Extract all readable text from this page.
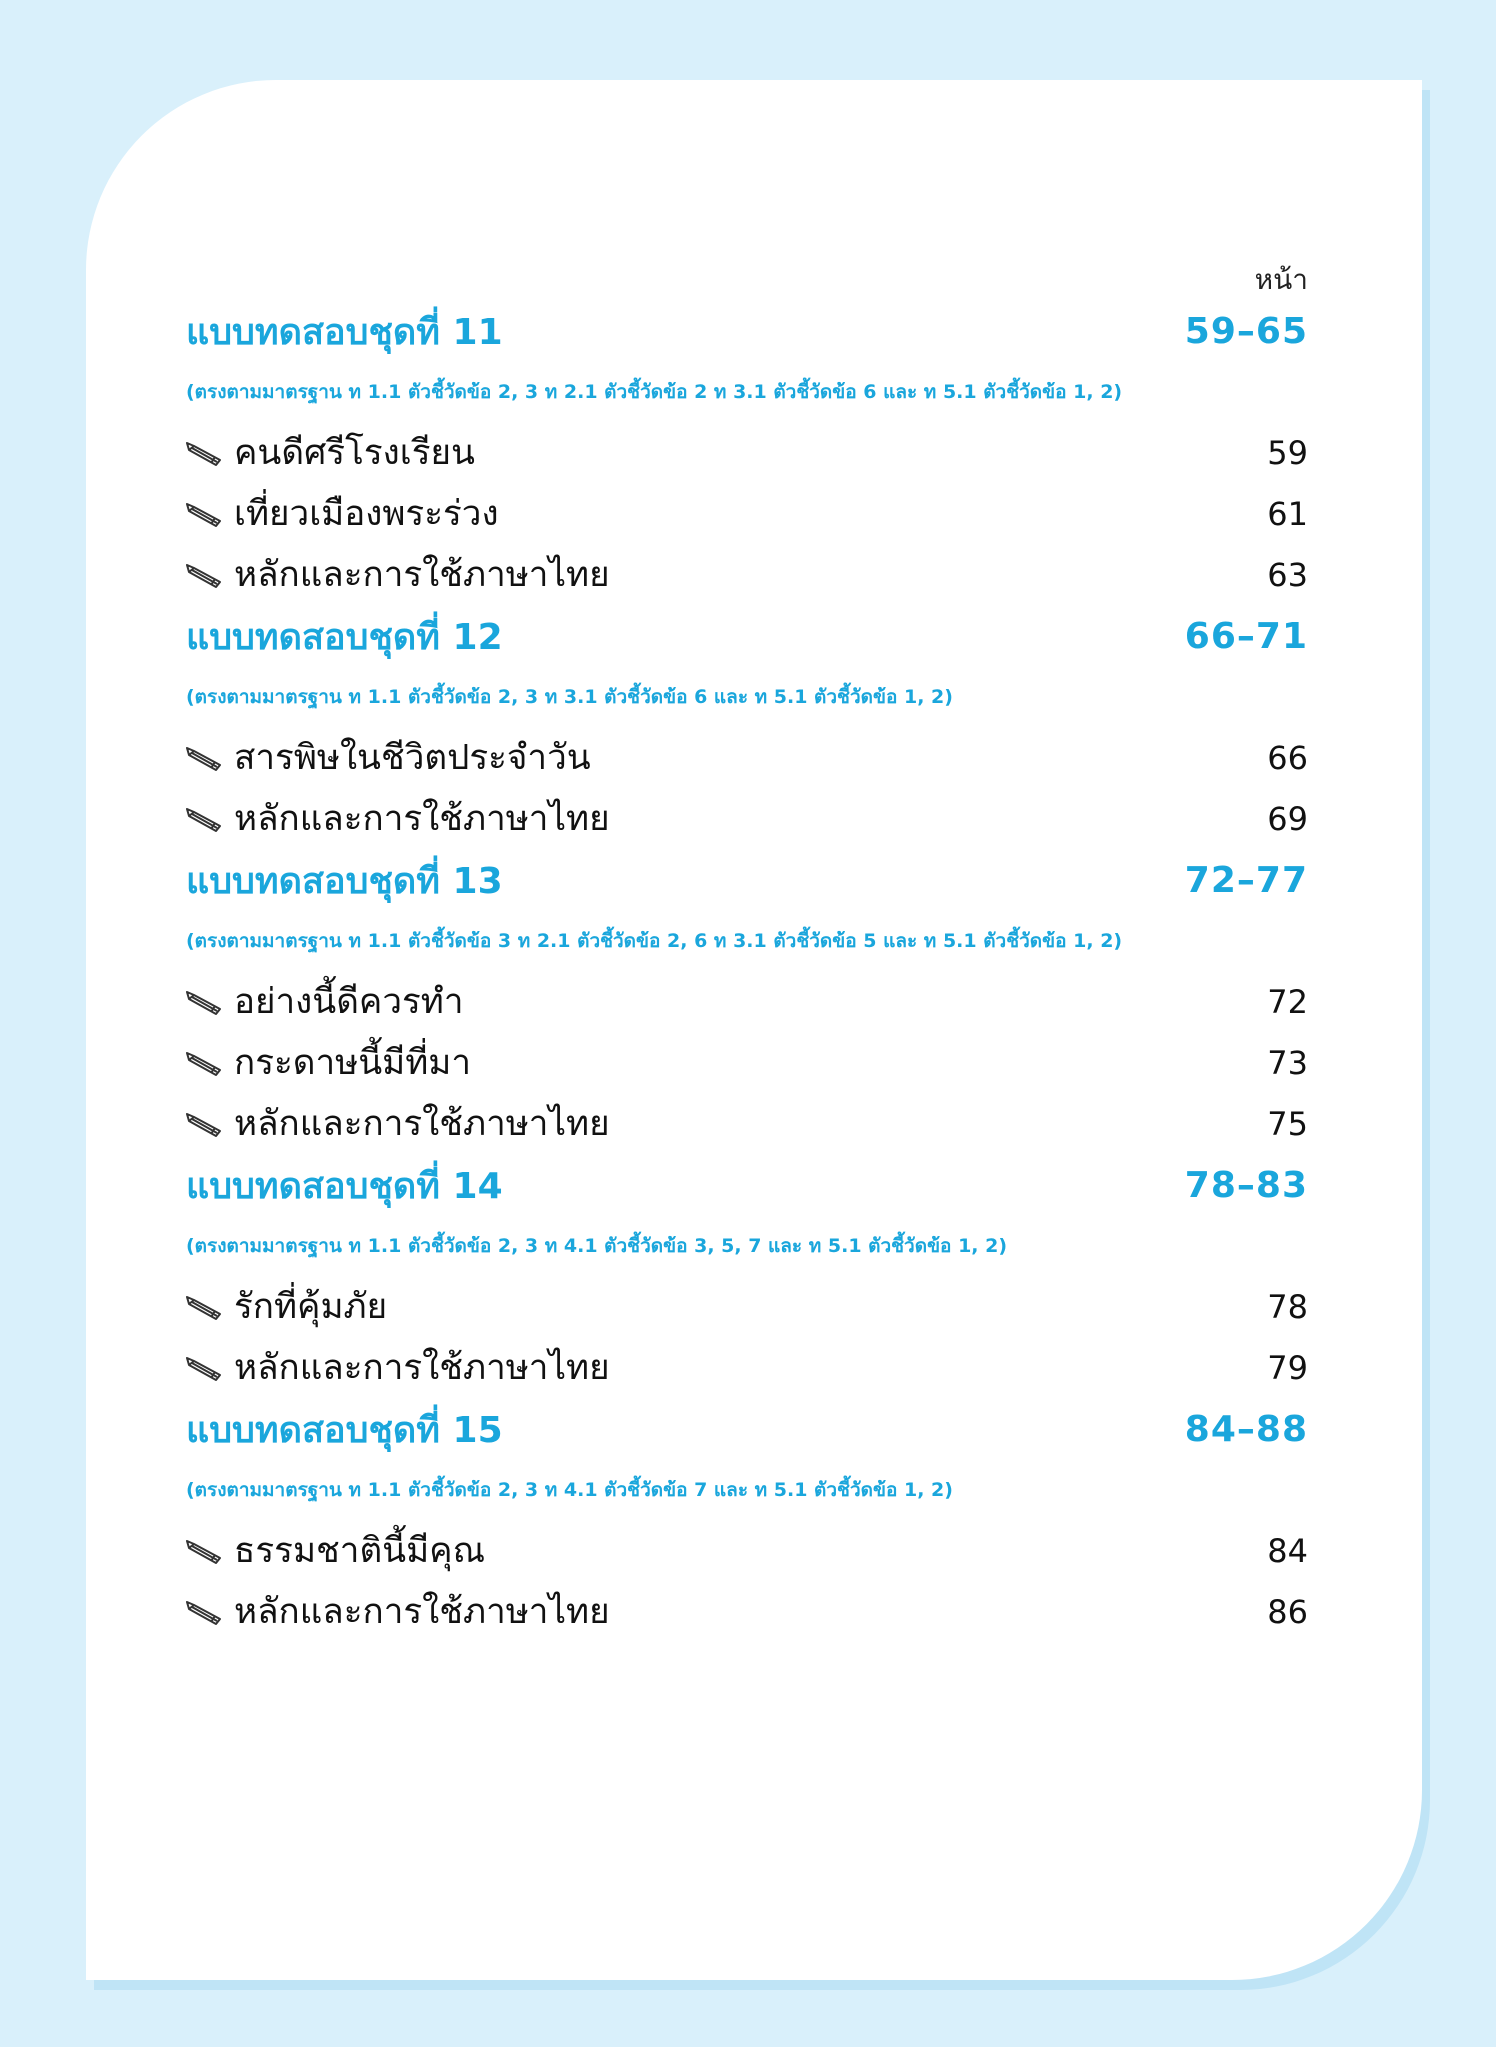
หน้า
แบบทดสอบชุดที่ 11	59–65
(ตรงตามมาตรฐาน ท 1.1 ตัวชี้วัดข้อ 2, 3 ท 2.1 ตัวชี้วัดข้อ 2 ท 3.1 ตัวชี้วัดข้อ 6 และ ท 5.1 ตัวชี้วัดข้อ 1, 2)
คนดีศรีโรงเรียน	59
เที่ยวเมืองพระร่วง	61
หลักและการใช้ภาษาไทย	63
แบบทดสอบชุดที่ 12	66–71
(ตรงตามมาตรฐาน ท 1.1 ตัวชี้วัดข้อ 2, 3 ท 3.1 ตัวชี้วัดข้อ 6 และ ท 5.1 ตัวชี้วัดข้อ 1, 2)
สารพิษในชีวิตประจำวัน	66
หลักและการใช้ภาษาไทย	69
แบบทดสอบชุดที่ 13	72–77
(ตรงตามมาตรฐาน ท 1.1 ตัวชี้วัดข้อ 3 ท 2.1 ตัวชี้วัดข้อ 2, 6 ท 3.1 ตัวชี้วัดข้อ 5 และ ท 5.1 ตัวชี้วัดข้อ 1, 2)
อย่างนี้ดีควรทำ	72
กระดาษนี้มีที่มา	73
หลักและการใช้ภาษาไทย	75
แบบทดสอบชุดที่ 14	78–83
(ตรงตามมาตรฐาน ท 1.1 ตัวชี้วัดข้อ 2, 3 ท 4.1 ตัวชี้วัดข้อ 3, 5, 7 และ ท 5.1 ตัวชี้วัดข้อ 1, 2)
รักที่คุ้มภัย	78
หลักและการใช้ภาษาไทย	79
แบบทดสอบชุดที่ 15	84–88
(ตรงตามมาตรฐาน ท 1.1 ตัวชี้วัดข้อ 2, 3 ท 4.1 ตัวชี้วัดข้อ 7 และ ท 5.1 ตัวชี้วัดข้อ 1, 2)
ธรรมชาตินี้มีคุณ	84
หลักและการใช้ภาษาไทย	86
